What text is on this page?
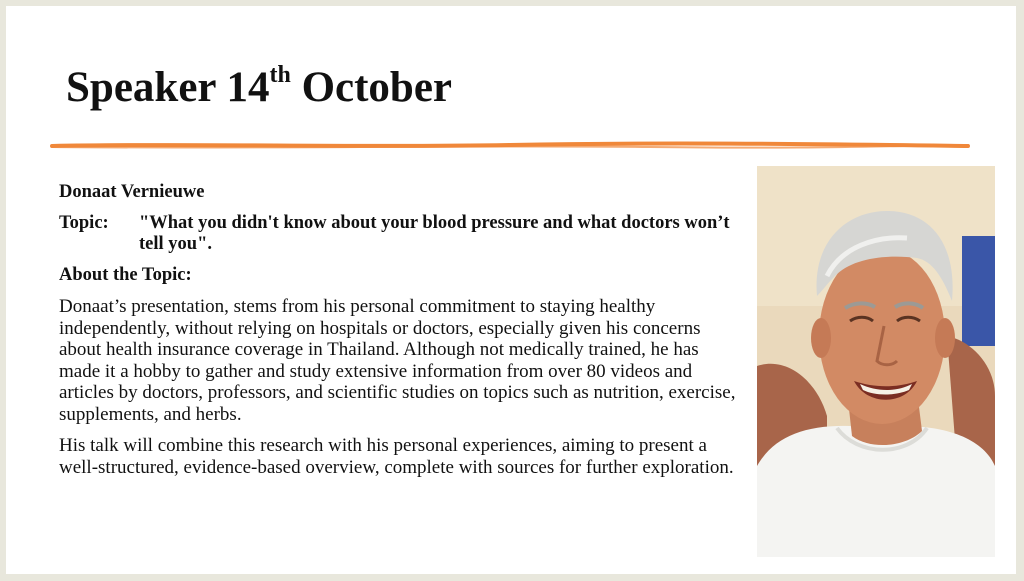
Speaker 14th October

Donaat Vernieuwe

Topic:	"What you didn't know about your blood pressure and what doctors won’t tell you".

About the Topic:

Donaat’s presentation, stems from his personal commitment to staying healthy independently, without relying on hospitals or doctors, especially given his concerns about health insurance coverage in Thailand. Although not medically trained, he has made it a hobby to gather and study extensive information from over 80 videos and articles by doctors, professors, and scientific studies on topics such as nutrition, exercise, supplements, and herbs.

His talk will combine this research with his personal experiences, aiming to present a well-structured, evidence-based overview, complete with sources for further exploration.
